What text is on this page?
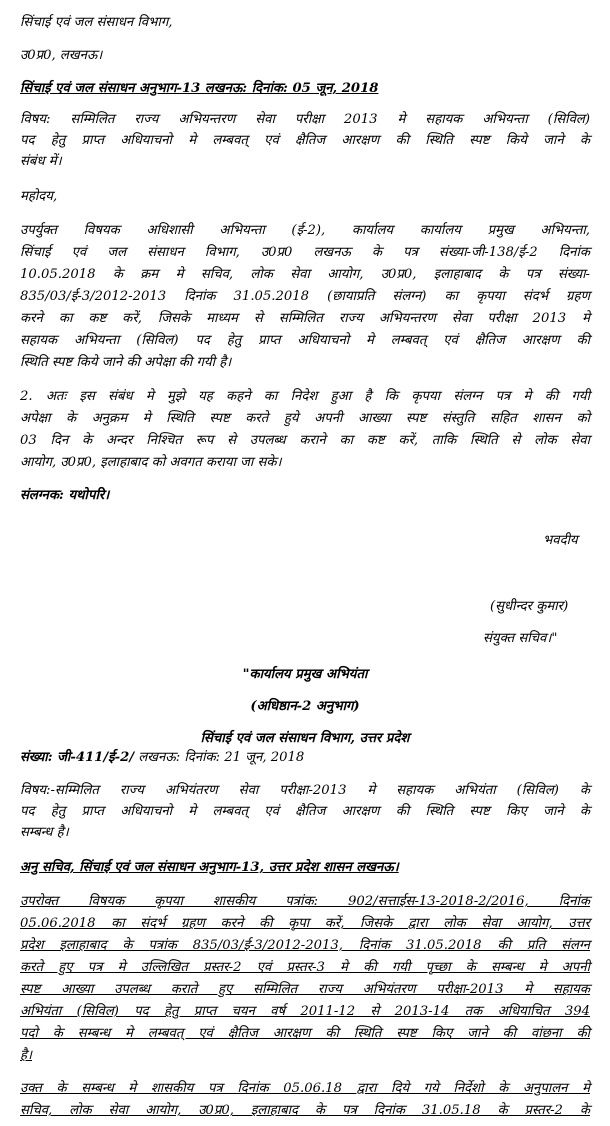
सिंचाई एवं जल संसाधन विभाग,

उ0प्र0, लखनऊ।

सिंचाई एवं जल संसाधन अनुभाग-13 लखनऊ: दिनांक: 05 जून, 2018

विषय: सम्मिलित राज्य अभियन्तरण सेवा परीक्षा 2013 मे सहायक अभियन्ता (सिविल)

पद हेतु प्राप्त अधियाचनो मे लम्बवत् एवं क्षैतिज आरक्षण की स्थिति स्पष्ट किये जाने के

संबंध में।

महोदय,

उपर्युक्त विषयक अधिशासी अभियन्ता (ई-2), कार्यालय कार्यालय प्रमुख अभियन्ता,

सिंचाई एवं जल संसाधन विभाग, उ0प्र0 लखनऊ के पत्र संख्या-जी-138/ई-2 दिनांक

10.05.2018 के क्रम मे सचिव, लोक सेवा आयोग, उ0प्र0, इलाहाबाद के पत्र संख्या-

835/03/ई-3/2012-2013 दिनांक 31.05.2018 (छायाप्रति संलग्न) का कृपया संदर्भ ग्रहण

करने का कष्ट करें, जिसके माध्यम से सम्मिलित राज्य अभियन्तरण सेवा परीक्षा 2013 मे

सहायक अभियन्ता (सिविल) पद हेतु प्राप्त अधियाचनो मे लम्बवत् एवं क्षैतिज आरक्षण की

स्थिति स्पष्ट किये जाने की अपेक्षा की गयी है।

2. अतः इस संबंध मे मुझे यह कहने का निदेश हुआ है कि कृपया संलग्न पत्र मे की गयी

अपेक्षा के अनुक्रम मे स्थिति स्पष्ट करते हुये अपनी आख्या स्पष्ट संस्तुति सहित शासन को

03 दिन के अन्दर निश्चित रूप से उपलब्ध कराने का कष्ट करें, ताकि स्थिति से लोक सेवा

आयोग, उ0प्र0, इलाहाबाद को अवगत कराया जा सके।

संलग्नक: यथोपरि।

भवदीय

(सुधीन्दर कुमार)

संयुक्त सचिव।"

"कार्यालय प्रमुख अभियंता

(अधिष्ठान-2 अनुभाग)

सिंचाई एवं जल संसाधन विभाग, उत्तर प्रदेश

संख्या: जी-411/ई-2/ लखनऊ: दिनांक: 21 जून, 2018

विषय:-सम्मिलित राज्य अभियंतरण सेवा परीक्षा-2013 मे सहायक अभियंता (सिविल) के

पद हेतु प्राप्त अधियाचनो मे लम्बवत् एवं क्षैतिज आरक्षण की स्थिति स्पष्ट किए जाने के

सम्बन्ध है।

अनु सचिव, सिंचाई एवं जल संसाधन अनुभाग-13, उत्तर प्रदेश शासन लखनऊ।

उपरोक्त विषयक कृपया शासकीय पत्रांक: 902/सत्ताईस-13-2018-2/2016, दिनांक

05.06.2018 का संदर्भ ग्रहण करने की कृपा करें, जिसके द्वारा लोक सेवा आयोग, उत्तर

प्रदेश इलाहाबाद के पत्रांक 835/03/ई-3/2012-2013, दिनांक 31.05.2018 की प्रति संलग्न

करते हुए पत्र मे उल्लिखित प्रस्तर-2 एवं प्रस्तर-3 मे की गयी पृच्छा के सम्बन्ध मे अपनी

स्पष्ट आख्या उपलब्ध कराते हुए सम्मिलित राज्य अभियंतरण परीक्षा-2013 मे सहायक

अभियंता (सिविल) पद हेतु प्राप्त चयन वर्ष 2011-12 से 2013-14 तक अधियाचित 394

पदो के सम्बन्ध मे लम्बवत् एवं क्षैतिज आरक्षण की स्थिति स्पष्ट किए जाने की वांछना की

है।

उक्त के सम्बन्ध मे शासकीय पत्र दिनांक 05.06.18 द्वारा दिये गये निर्देशो के अनुपालन मे

सचिव, लोक सेवा आयोग, उ0प्र0, इलाहाबाद के पत्र दिनांक 31.05.18 के प्रस्तर-2 के
